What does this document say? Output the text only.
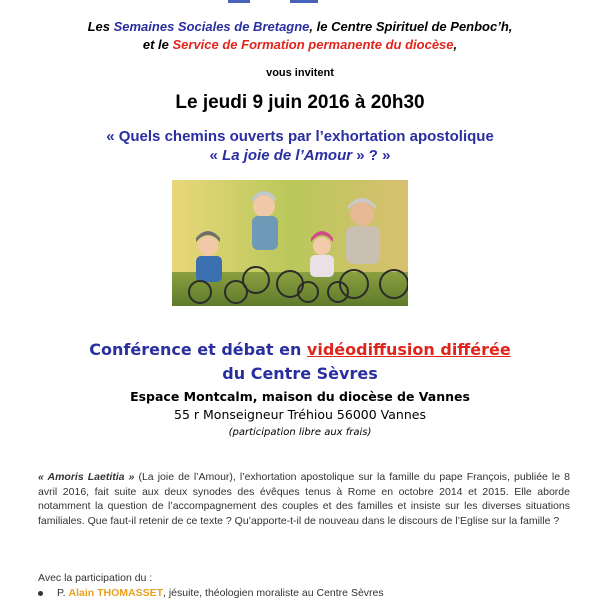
Les Semaines Sociales de Bretagne, le Centre Spirituel de Penboc’h,
et le Service de Formation permanente du diocèse,
vous invitent
Le jeudi 9 juin 2016 à 20h30
« Quels chemins ouverts par l’exhortation apostolique
« La joie de l’Amour » ? »
Conférence et débat en vidéodiffusion différée
du Centre Sèvres
Espace Montcalm, maison du diocèse de Vannes
55 r Monseigneur Tréhiou 56000 Vannes
(participation libre aux frais)
« Amoris Laetitia » (La joie de l’Amour), l’exhortation apostolique sur la famille du pape François, publiée le 8 avril 2016, fait suite aux deux synodes des évêques tenus à Rome en octobre 2014 et 2015. Elle aborde notamment la question de l’accompagnement des couples et des familles et insiste sur les diverses situations familiales. Que faut-il retenir de ce texte ? Qu’apporte-t-il de nouveau dans le discours de l’Eglise sur la famille ?
Avec la participation du :
P. Alain THOMASSET, jésuite, théologien moraliste au Centre Sèvres
